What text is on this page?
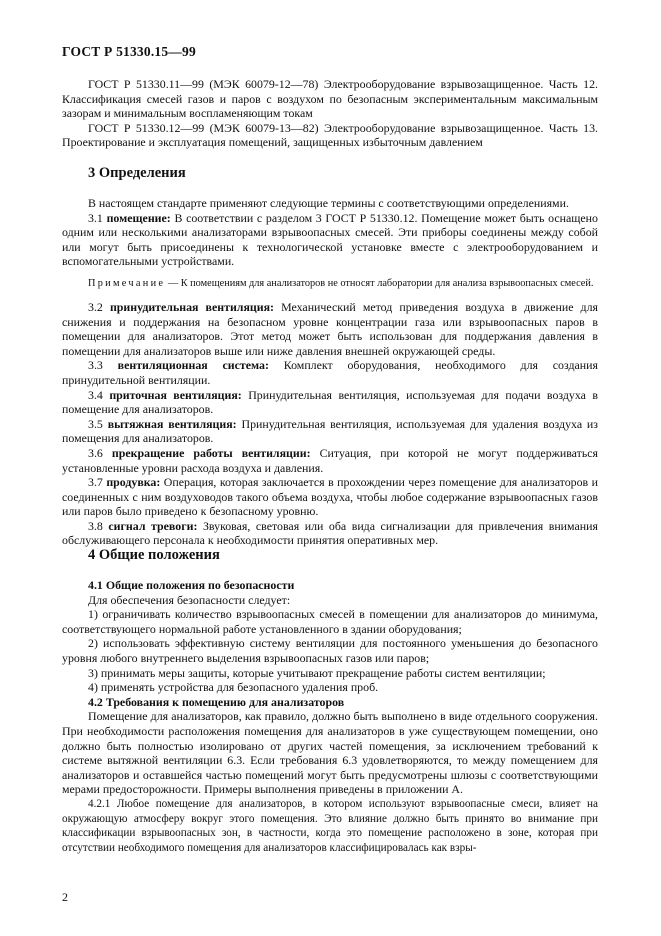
ГОСТ Р 51330.15—99

ГОСТ Р 51330.11—99 (МЭК 60079-12—78) Электрооборудование взрывозащищенное. Часть 12. Классификация смесей газов и паров с воздухом по безопасным экспериментальным максимальным зазорам и минимальным воспламеняющим токам

ГОСТ Р 51330.12—99 (МЭК 60079-13—82) Электрооборудование взрывозащищенное. Часть 13. Проектирование и эксплуатация помещений, защищенных избыточным давлением

3 Определения

В настоящем стандарте применяют следующие термины с соответствующими определениями.

3.1 помещение: В соответствии с разделом 3 ГОСТ Р 51330.12. Помещение может быть оснащено одним или несколькими анализаторами взрывоопасных смесей. Эти приборы соединены между собой или могут быть присоединены к технологической установке вместе с электрооборудованием и вспомогательными устройствами.

Примечание — К помещениям для анализаторов не относят лаборатории для анализа взрывоопасных смесей.

3.2 принудительная вентиляция: Механический метод приведения воздуха в движение для снижения и поддержания на безопасном уровне концентрации газа или взрывоопасных паров в помещении для анализаторов. Этот метод может быть использован для поддержания давления в помещении для анализаторов выше или ниже давления внешней окружающей среды.

3.3 вентиляционная система: Комплект оборудования, необходимого для создания принудительной вентиляции.

3.4 приточная вентиляция: Принудительная вентиляция, используемая для подачи воздуха в помещение для анализаторов.

3.5 вытяжная вентиляция: Принудительная вентиляция, используемая для удаления воздуха из помещения для анализаторов.

3.6 прекращение работы вентиляции: Ситуация, при которой не могут поддерживаться установленные уровни расхода воздуха и давления.

3.7 продувка: Операция, которая заключается в прохождении через помещение для анализаторов и соединенных с ним воздуховодов такого объема воздуха, чтобы любое содержание взрывоопасных газов или паров было приведено к безопасному уровню.

3.8 сигнал тревоги: Звуковая, световая или оба вида сигнализации для привлечения внимания обслуживающего персонала к необходимости принятия оперативных мер.

4 Общие положения

4.1 Общие положения по безопасности

Для обеспечения безопасности следует:

1) ограничивать количество взрывоопасных смесей в помещении для анализаторов до минимума, соответствующего нормальной работе установленного в здании оборудования;

2) использовать эффективную систему вентиляции для постоянного уменьшения до безопасного уровня любого внутреннего выделения взрывоопасных газов или паров;

3) принимать меры защиты, которые учитывают прекращение работы систем вентиляции;

4) применять устройства для безопасного удаления проб.

4.2 Требования к помещению для анализаторов

Помещение для анализаторов, как правило, должно быть выполнено в виде отдельного сооружения. При необходимости расположения помещения для анализаторов в уже существующем помещении, оно должно быть полностью изолировано от других частей помещения, за исключением требований к системе вытяжной вентиляции 6.3. Если требования 6.3 удовлетворяются, то между помещением для анализаторов и оставшейся частью помещений могут быть предусмотрены шлюзы с соответствующими мерами предосторожности. Примеры выполнения приведены в приложении А.

4.2.1 Любое помещение для анализаторов, в котором используют взрывоопасные смеси, влияет на окружающую атмосферу вокруг этого помещения. Это влияние должно быть принято во внимание при классификации взрывоопасных зон, в частности, когда это помещение расположено в зоне, которая при отсутствии необходимого помещения для анализаторов классифицировалась как взры-

2
